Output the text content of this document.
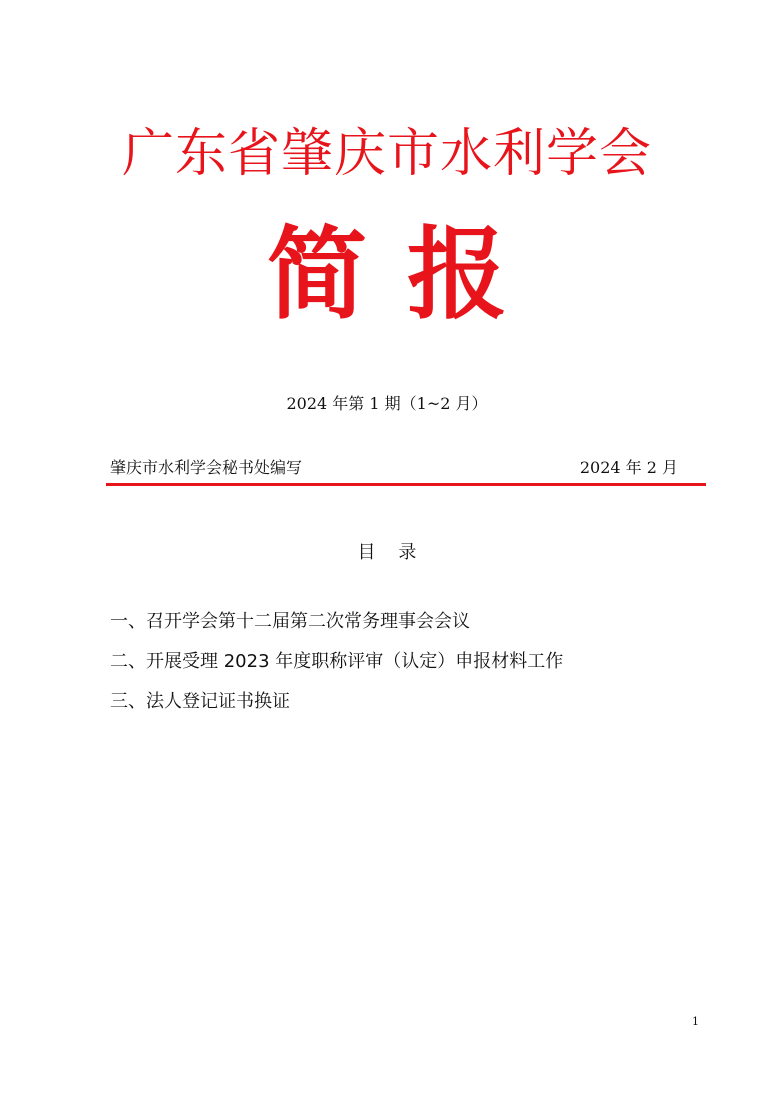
广东省肇庆市水利学会
简报
2024 年第 1 期（1~2 月）
肇庆市水利学会秘书处编写	2024 年 2 月
目    录
一、召开学会第十二届第二次常务理事会会议
二、开展受理 2023 年度职称评审（认定）申报材料工作
三、法人登记证书换证
1
